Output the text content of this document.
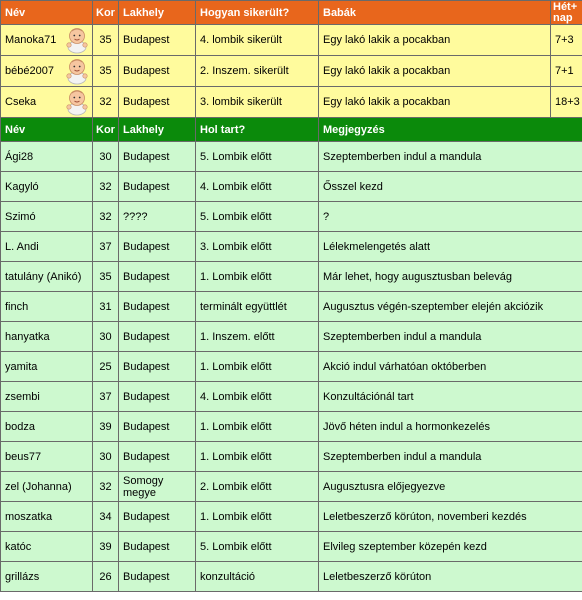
Név	Kor	Lakhely	Hogyan sikerült?	Babák	Hét+ nap
Manoka71	35	Budapest	4. lombik sikerült	Egy lakó lakik a pocakban	7+3
bébé2007	35	Budapest	2. Inszem. sikerült	Egy lakó lakik a pocakban	7+1
Cseka	32	Budapest	3. lombik sikerült	Egy lakó lakik a pocakban	18+3
Név	Kor	Lakhely	Hol tart?	Megjegyzés	
Ági28	30	Budapest	5. Lombik előtt	Szeptemberben indul a mandula	
Kagyló	32	Budapest	4. Lombik előtt	Ősszel kezd	
Szimó	32	????	5. Lombik előtt	?	
L. Andi	37	Budapest	3. Lombik előtt	Lélekmelengetés alatt	
tatulány (Anikó)	35	Budapest	1. Lombik előtt	Már lehet, hogy augusztusban belevág	
finch	31	Budapest	terminált együttlét	Augusztus végén-szeptember elején akciózik	
hanyatka	30	Budapest	1. Inszem. előtt	Szeptemberben indul a mandula	
yamita	25	Budapest	1. Lombik előtt	Akció indul várhatóan októberben	
zsembi	37	Budapest	4. Lombik előtt	Konzultációnál tart	
bodza	39	Budapest	1. Lombik előtt	Jövő héten indul a hormonkezelés	
beus77	30	Budapest	1. Lombik előtt	Szeptemberben indul a mandula	
zel (Johanna)	32	Somogy megye	2. Lombik előtt	Augusztusra előjegyezve	
moszatka	34	Budapest	1. Lombik előtt	Leletbeszerző körúton, novemberi kezdés	
katóc	39	Budapest	5. Lombik előtt	Elvileg szeptember közepén kezd	
grillázs	26	Budapest	konzultáció	Leletbeszerző körúton	
